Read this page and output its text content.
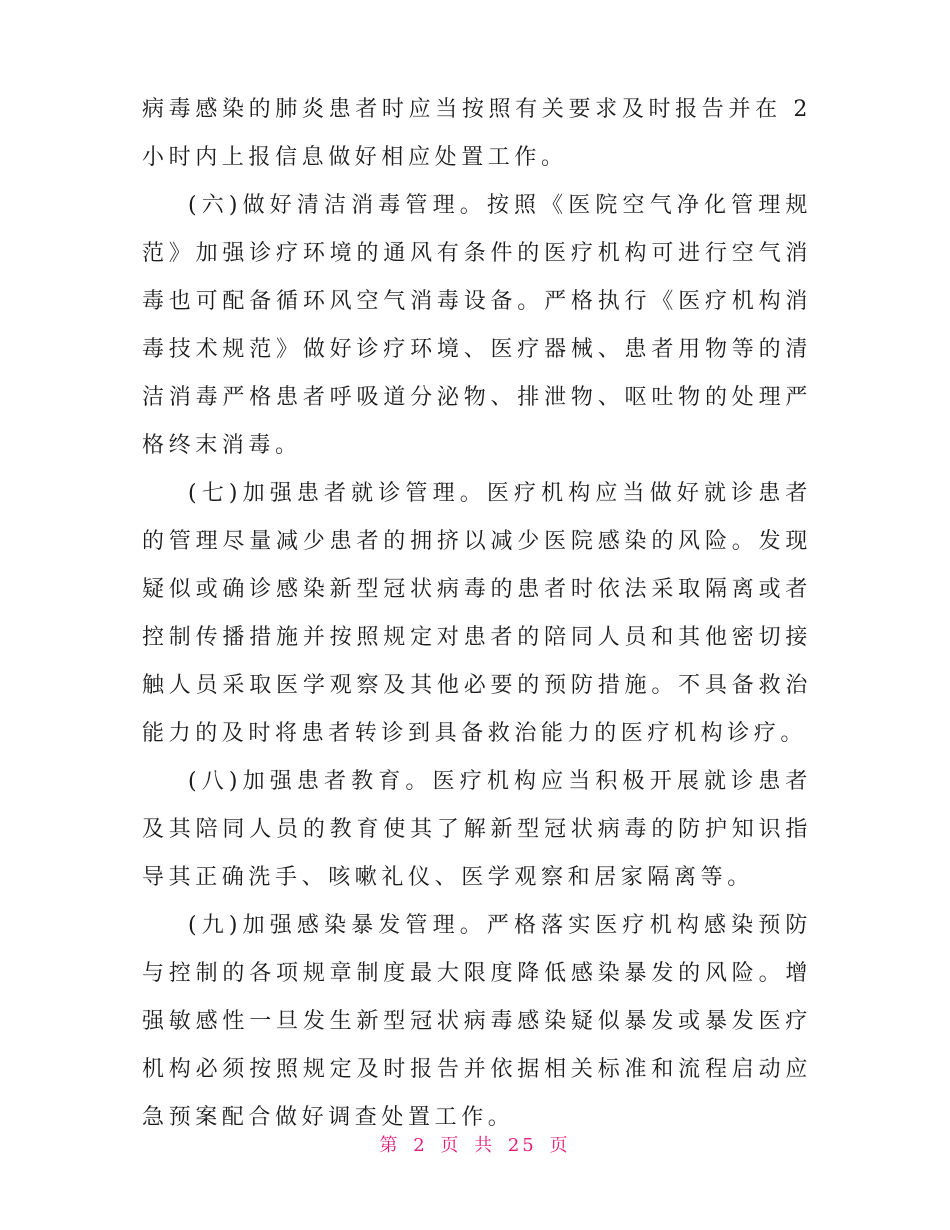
病毒感染的肺炎患者时应当按照有关要求及时报告并在 2 小时内上报信息做好相应处置工作。

(六)做好清洁消毒管理。按照《医院空气净化管理规范》加强诊疗环境的通风有条件的医疗机构可进行空气消毒也可配备循环风空气消毒设备。严格执行《医疗机构消毒技术规范》做好诊疗环境、医疗器械、患者用物等的清洁消毒严格患者呼吸道分泌物、排泄物、呕吐物的处理严格终末消毒。

(七)加强患者就诊管理。医疗机构应当做好就诊患者的管理尽量减少患者的拥挤以减少医院感染的风险。发现疑似或确诊感染新型冠状病毒的患者时依法采取隔离或者控制传播措施并按照规定对患者的陪同人员和其他密切接触人员采取医学观察及其他必要的预防措施。不具备救治能力的及时将患者转诊到具备救治能力的医疗机构诊疗。

(八)加强患者教育。医疗机构应当积极开展就诊患者及其陪同人员的教育使其了解新型冠状病毒的防护知识指导其正确洗手、咳嗽礼仪、医学观察和居家隔离等。

(九)加强感染暴发管理。严格落实医疗机构感染预防与控制的各项规章制度最大限度降低感染暴发的风险。增强敏感性一旦发生新型冠状病毒感染疑似暴发或暴发医疗机构必须按照规定及时报告并依据相关标准和流程启动应急预案配合做好调查处置工作。

第 2 页 共 25 页
